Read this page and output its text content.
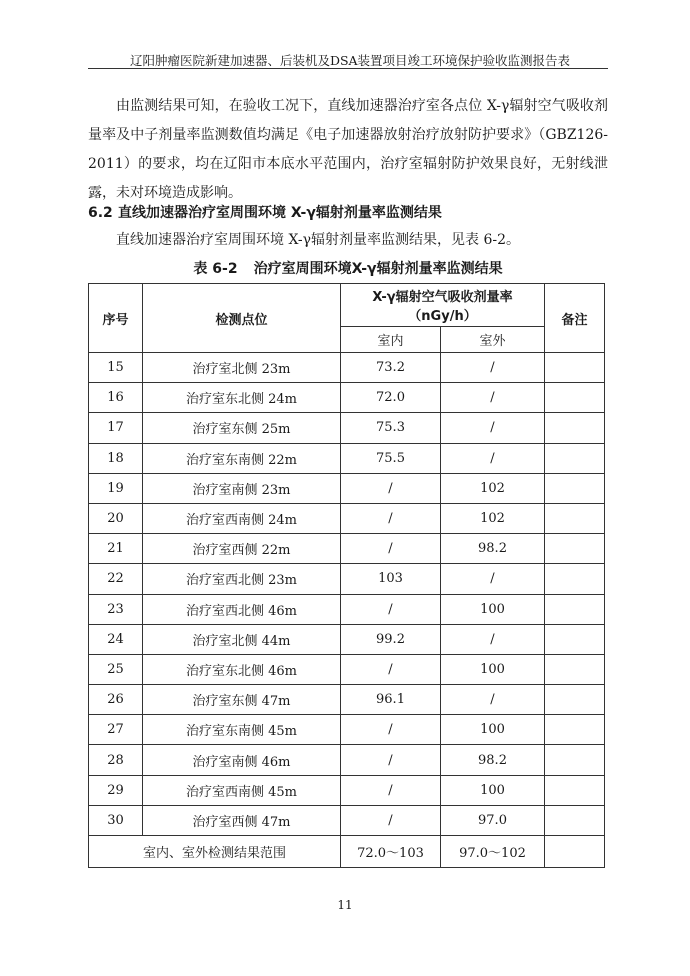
辽阳肿瘤医院新建加速器、后装机及DSA装置项目竣工环境保护验收监测报告表

由监测结果可知，在验收工况下，直线加速器治疗室各点位 X-γ辐射空气吸收剂量率及中子剂量率监测数值均满足《电子加速器放射治疗放射防护要求》（GBZ126-2011）的要求，均在辽阳市本底水平范围内，治疗室辐射防护效果良好，无射线泄露，未对环境造成影响。

6.2 直线加速器治疗室周围环境 X-γ辐射剂量率监测结果
直线加速器治疗室周围环境 X-γ辐射剂量率监测结果，见表 6-2。
表 6-2 治疗室周围环境X-γ辐射剂量率监测结果
序号	检测点位	X-γ辐射空气吸收剂量率
（nGy/h）		备注
		室内	室外	
15	治疗室北侧 23m	73.2	/	
16	治疗室东北侧 24m	72.0	/	
17	治疗室东侧 25m	75.3	/	
18	治疗室东南侧 22m	75.5	/	
19	治疗室南侧 23m	/	102	
20	治疗室西南侧 24m	/	102	
21	治疗室西侧 22m	/	98.2	
22	治疗室西北侧 23m	103	/	
23	治疗室西北侧 46m	/	100	
24	治疗室北侧 44m	99.2	/	
25	治疗室东北侧 46m	/	100	
26	治疗室东侧 47m	96.1	/	
27	治疗室东南侧 45m	/	100	
28	治疗室南侧 46m	/	98.2	
29	治疗室西南侧 45m	/	100	
30	治疗室西侧 47m	/	97.0	
室内、室外检测结果范围		72.0～103	97.0～102	
11
